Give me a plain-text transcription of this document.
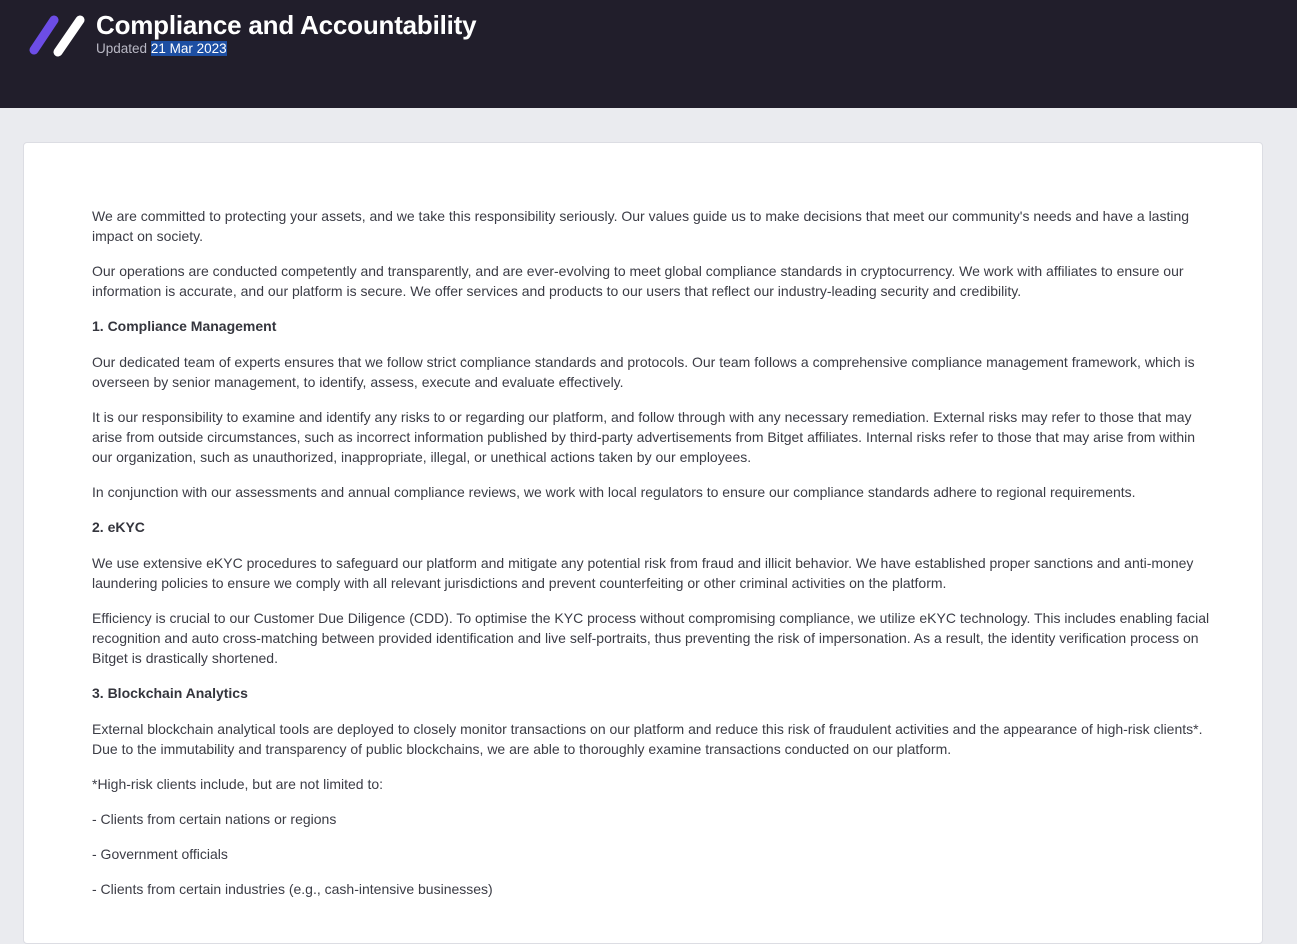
Compliance and Accountability
Updated 21 Mar 2023

We are committed to protecting your assets, and we take this responsibility seriously. Our values guide us to make decisions that meet our community's needs and have a lasting impact on society.

Our operations are conducted competently and transparently, and are ever-evolving to meet global compliance standards in cryptocurrency. We work with affiliates to ensure our information is accurate, and our platform is secure. We offer services and products to our users that reflect our industry-leading security and credibility.

1. Compliance Management

Our dedicated team of experts ensures that we follow strict compliance standards and protocols. Our team follows a comprehensive compliance management framework, which is overseen by senior management, to identify, assess, execute and evaluate effectively.

It is our responsibility to examine and identify any risks to or regarding our platform, and follow through with any necessary remediation. External risks may refer to those that may arise from outside circumstances, such as incorrect information published by third-party advertisements from Bitget affiliates. Internal risks refer to those that may arise from within our organization, such as unauthorized, inappropriate, illegal, or unethical actions taken by our employees.

In conjunction with our assessments and annual compliance reviews, we work with local regulators to ensure our compliance standards adhere to regional requirements.

2. eKYC

We use extensive eKYC procedures to safeguard our platform and mitigate any potential risk from fraud and illicit behavior. We have established proper sanctions and anti-money laundering policies to ensure we comply with all relevant jurisdictions and prevent counterfeiting or other criminal activities on the platform.

Efficiency is crucial to our Customer Due Diligence (CDD). To optimise the KYC process without compromising compliance, we utilize eKYC technology. This includes enabling facial recognition and auto cross-matching between provided identification and live self-portraits, thus preventing the risk of impersonation. As a result, the identity verification process on Bitget is drastically shortened.

3. Blockchain Analytics

External blockchain analytical tools are deployed to closely monitor transactions on our platform and reduce this risk of fraudulent activities and the appearance of high-risk clients*. Due to the immutability and transparency of public blockchains, we are able to thoroughly examine transactions conducted on our platform.

*High-risk clients include, but are not limited to:

- Clients from certain nations or regions

- Government officials

- Clients from certain industries (e.g., cash-intensive businesses)
